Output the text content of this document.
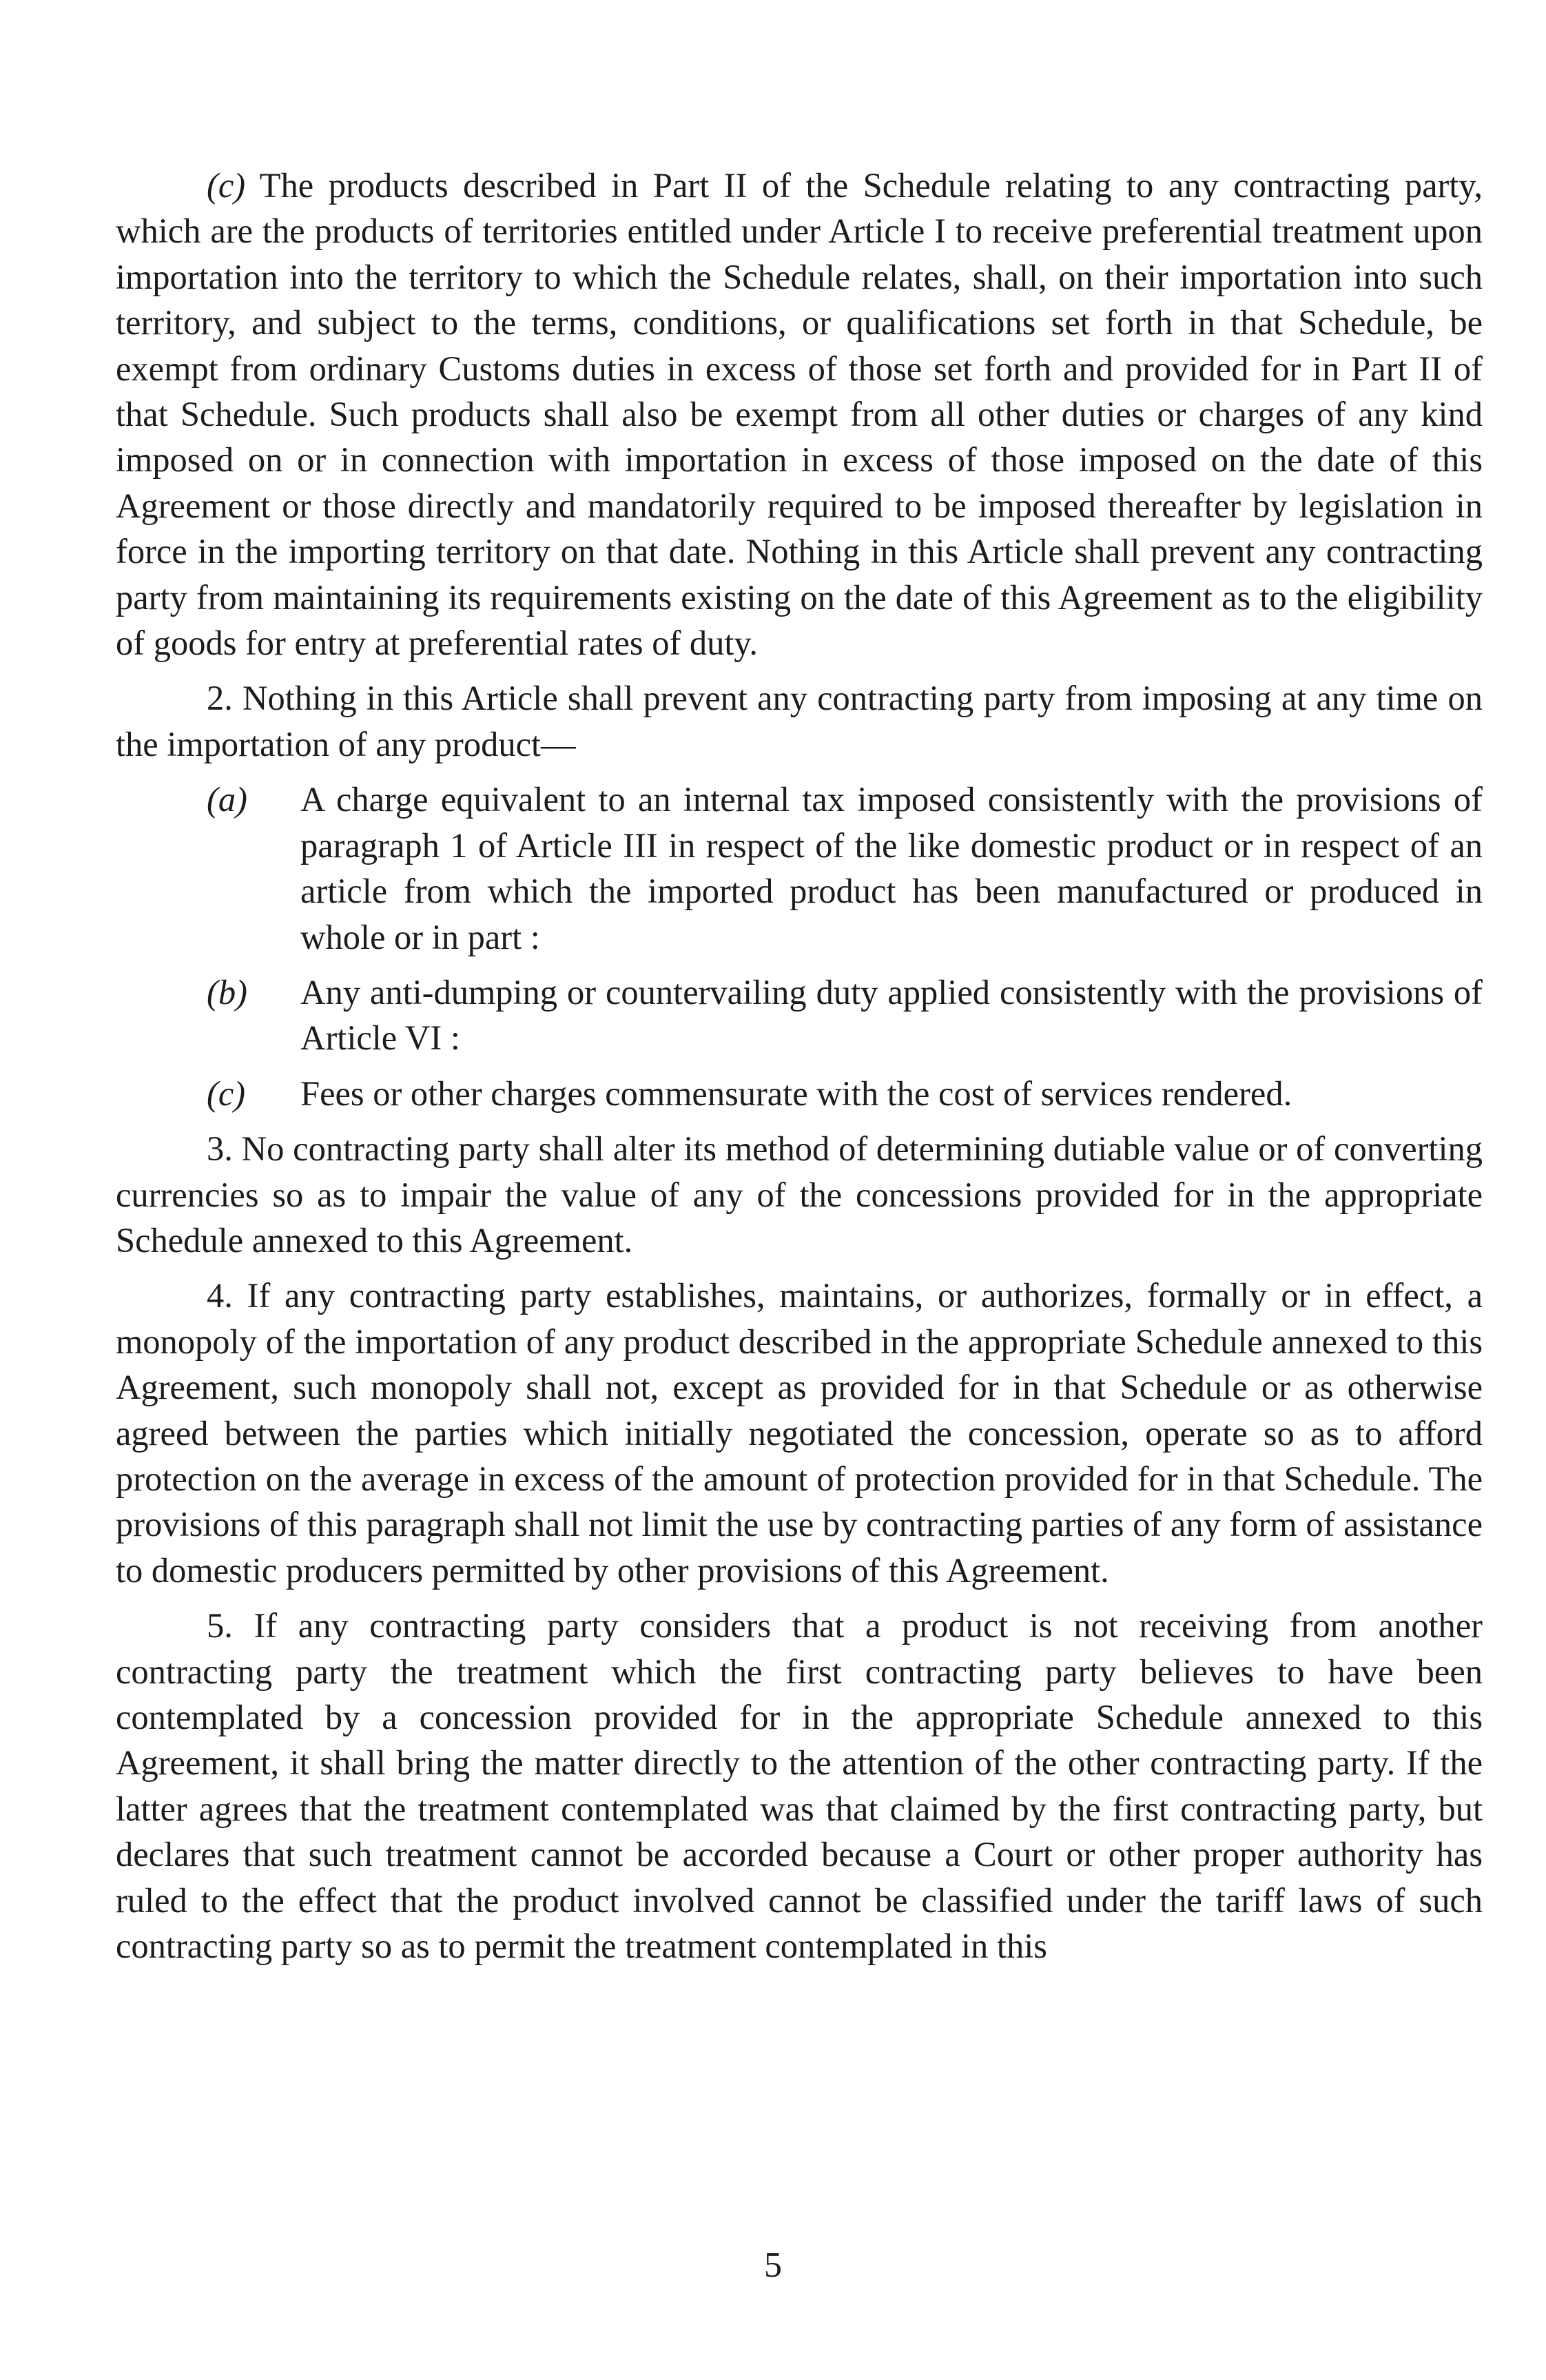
(c) The products described in Part II of the Schedule relating to any contracting party, which are the products of territories entitled under Article I to receive preferential treatment upon importation into the territory to which the Schedule relates, shall, on their importation into such territory, and subject to the terms, conditions, or qualifications set forth in that Schedule, be exempt from ordinary Customs duties in excess of those set forth and provided for in Part II of that Schedule. Such products shall also be exempt from all other duties or charges of any kind imposed on or in connection with importation in excess of those imposed on the date of this Agreement or those directly and mandatorily required to be imposed thereafter by legislation in force in the importing territory on that date. Nothing in this Article shall prevent any contracting party from maintaining its requirements existing on the date of this Agreement as to the eligibility of goods for entry at preferential rates of duty.

2. Nothing in this Article shall prevent any contracting party from imposing at any time on the importation of any product—

(a) A charge equivalent to an internal tax imposed consistently with the provisions of paragraph 1 of Article III in respect of the like domestic product or in respect of an article from which the imported product has been manufactured or produced in whole or in part :

(b) Any anti-dumping or countervailing duty applied consistently with the provisions of Article VI :

(c) Fees or other charges commensurate with the cost of services rendered.

3. No contracting party shall alter its method of determining dutiable value or of converting currencies so as to impair the value of any of the concessions provided for in the appropriate Schedule annexed to this Agreement.

4. If any contracting party establishes, maintains, or authorizes, formally or in effect, a monopoly of the importation of any product described in the appropriate Schedule annexed to this Agreement, such monopoly shall not, except as provided for in that Schedule or as otherwise agreed between the parties which initially negotiated the concession, operate so as to afford protection on the average in excess of the amount of protection provided for in that Schedule. The provisions of this paragraph shall not limit the use by contracting parties of any form of assistance to domestic producers permitted by other provisions of this Agreement.

5. If any contracting party considers that a product is not receiving from another contracting party the treatment which the first contracting party believes to have been contemplated by a concession provided for in the appropriate Schedule annexed to this Agreement, it shall bring the matter directly to the attention of the other contracting party. If the latter agrees that the treatment contemplated was that claimed by the first contracting party, but declares that such treatment cannot be accorded because a Court or other proper authority has ruled to the effect that the product involved cannot be classified under the tariff laws of such contracting party so as to permit the treatment contemplated in this

5
